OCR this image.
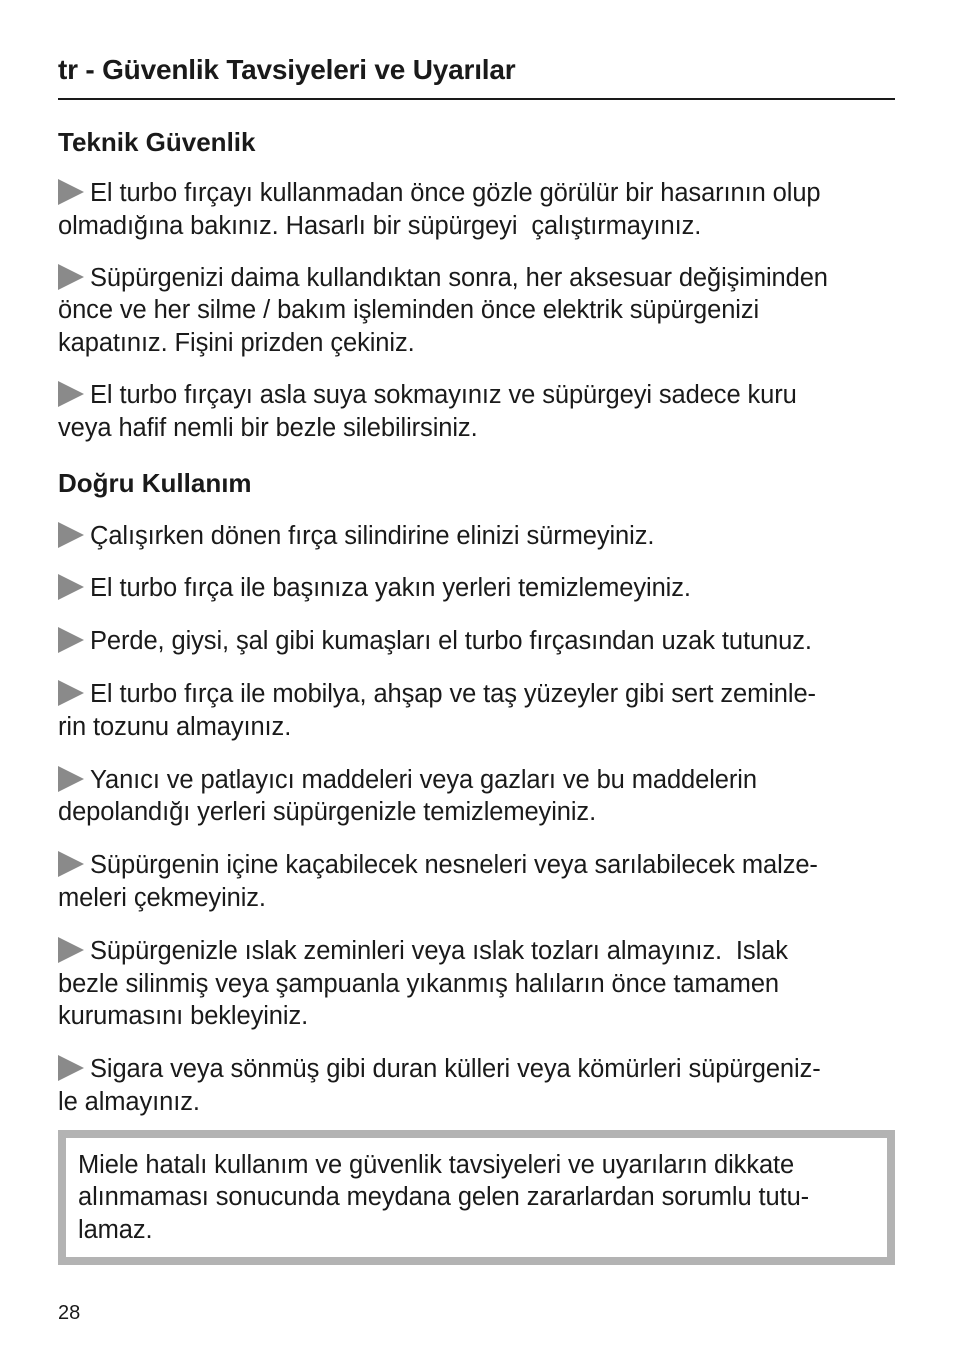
tr - Güvenlik Tavsiyeleri ve Uyarılar
Teknik Güvenlik

El turbo fırçayı kullanmadan önce gözle görülür bir hasarının olup
olmadığına bakınız. Hasarlı bir süpürgeyi  çalıştırmayınız.

Süpürgenizi daima kullandıktan sonra, her aksesuar değişiminden
önce ve her silme / bakım işleminden önce elektrik süpürgenizi
kapatınız. Fişini prizden çekiniz.

El turbo fırçayı asla suya sokmayınız ve süpürgeyi sadece kuru
veya hafif nemli bir bezle silebilirsiniz.

Doğru Kullanım

Çalışırken dönen fırça silindirine elinizi sürmeyiniz.

El turbo fırça ile başınıza yakın yerleri temizlemeyiniz.

Perde, giysi, şal gibi kumaşları el turbo fırçasından uzak tutunuz.

El turbo fırça ile mobilya, ahşap ve taş yüzeyler gibi sert zeminle-
rin tozunu almayınız.

Yanıcı ve patlayıcı maddeleri veya gazları ve bu maddelerin
depolandığı yerleri süpürgenizle temizlemeyiniz.

Süpürgenin içine kaçabilecek nesneleri veya sarılabilecek malze-
meleri çekmeyiniz.

Süpürgenizle ıslak zeminleri veya ıslak tozları almayınız.  Islak
bezle silinmiş veya şampuanla yıkanmış halıların önce tamamen
kurumasını bekleyiniz.

Sigara veya sönmüş gibi duran külleri veya kömürleri süpürgeniz-
le almayınız.

Miele hatalı kullanım ve güvenlik tavsiyeleri ve uyarıların dikkate
alınmaması sonucunda meydana gelen zararlardan sorumlu tutu-
lamaz.
28
